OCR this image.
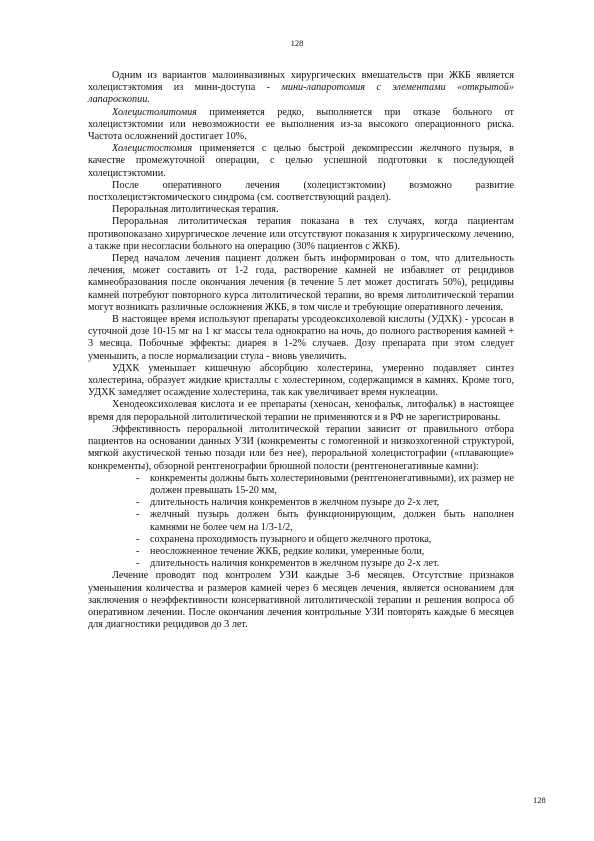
128

Одним из вариантов малоинвазивных хирургических вмешательств при ЖКБ является холецистэктомия из мини-доступа - мини-лапаротомия с элементами «открытой» лапароскопии.

Холецистолитомия применяется редко, выполняется при отказе больного от холецистэктомии или невозможности ее выполнения из-за высокого операционного риска. Частота осложнений достигает 10%.

Холецистостомия применяется с целью быстрой декомпрессии желчного пузыря, в качестве промежуточной операции, с целью успешной подготовки к последующей холецистэктомии.

После оперативного лечения (холецистэктомии) возможно развитие постхолецистэктомического синдрома (см. соответствующий раздел).

Пероральная литолитическая терапия.

Пероральная литолитическая терапия показана в тех случаях, когда пациентам противопоказано хирургическое лечение или отсутствуют показания к хирургическому лечению, а также при несогласии больного на операцию (30% пациентов с ЖКБ).

Перед началом лечения пациент должен быть информирован о том, что длительность лечения, может составить от 1-2 года, растворение камней не избавляет от рецидивов камнеобразования после окончания лечения (в течение 5 лет может достигать 50%), рецидивы камней потребуют повторного курса литолитической терапии, во время литолитической терапии могут возникать различные осложнения ЖКБ, в том числе и требующие оперативного лечения.

В настоящее время используют препараты урсодеоксихолевой кислоты (УДХК) - урсосан в суточной дозе 10-15 мг на 1 кг массы тела однократно на ночь, до полного растворения камней + 3 месяца. Побочные эффекты: диарея в 1-2% случаев. Дозу препарата при этом следует уменьшить, а после нормализации стула - вновь увеличить.

УДХК уменьшает кишечную абсорбцию холестерина, умеренно подавляет синтез холестерина, образует жидкие кристаллы с холестерином, содержащимся в камнях. Кроме того, УДХК замедляет осаждение холестерина, так как увеличивает время нуклеации.

Хенодеоксихолевая кислота и ее препараты (хеносан, хенофальк, литофальк) в настоящее время для пероральной литолитической терапии не применяются и в РФ не зарегистрированы.

Эффективность пероральной литолитической терапии зависит от правильного отбора пациентов на основании данных УЗИ (конкременты с гомогенной и низкоэхогенной структурой, мягкой акустической тенью позади или без нее), пероральной холецистографии («плавающие» конкременты), обзорной рентгенографии брюшной полости (рентгенонегативные камни):

- конкременты должны быть холестериновыми (рентгенонегативными), их размер не должен превышать 15-20 мм,
- длительность наличия конкрементов в желчном пузыре до 2-х лет,
- желчный пузырь должен быть функционирующим, должен быть наполнен камнями не более чем на 1/3-1/2,
- сохранена проходимость пузырного и общего желчного протока,
- неосложненное течение ЖКБ, редкие колики, умеренные боли,
- длительность наличия конкрементов в желчном пузыре до 2-х лет.

Лечение проводят под контролем УЗИ каждые 3-6 месяцев. Отсутствие признаков уменьшения количества и размеров камней через 6 месяцев лечения, является основанием для заключения о неэффективности консервативной литолитической терапии и решения вопроса об оперативном лечении. После окончания лечения контрольные УЗИ повторять каждые 6 месяцев для диагностики рецидивов до 3 лет.

128
